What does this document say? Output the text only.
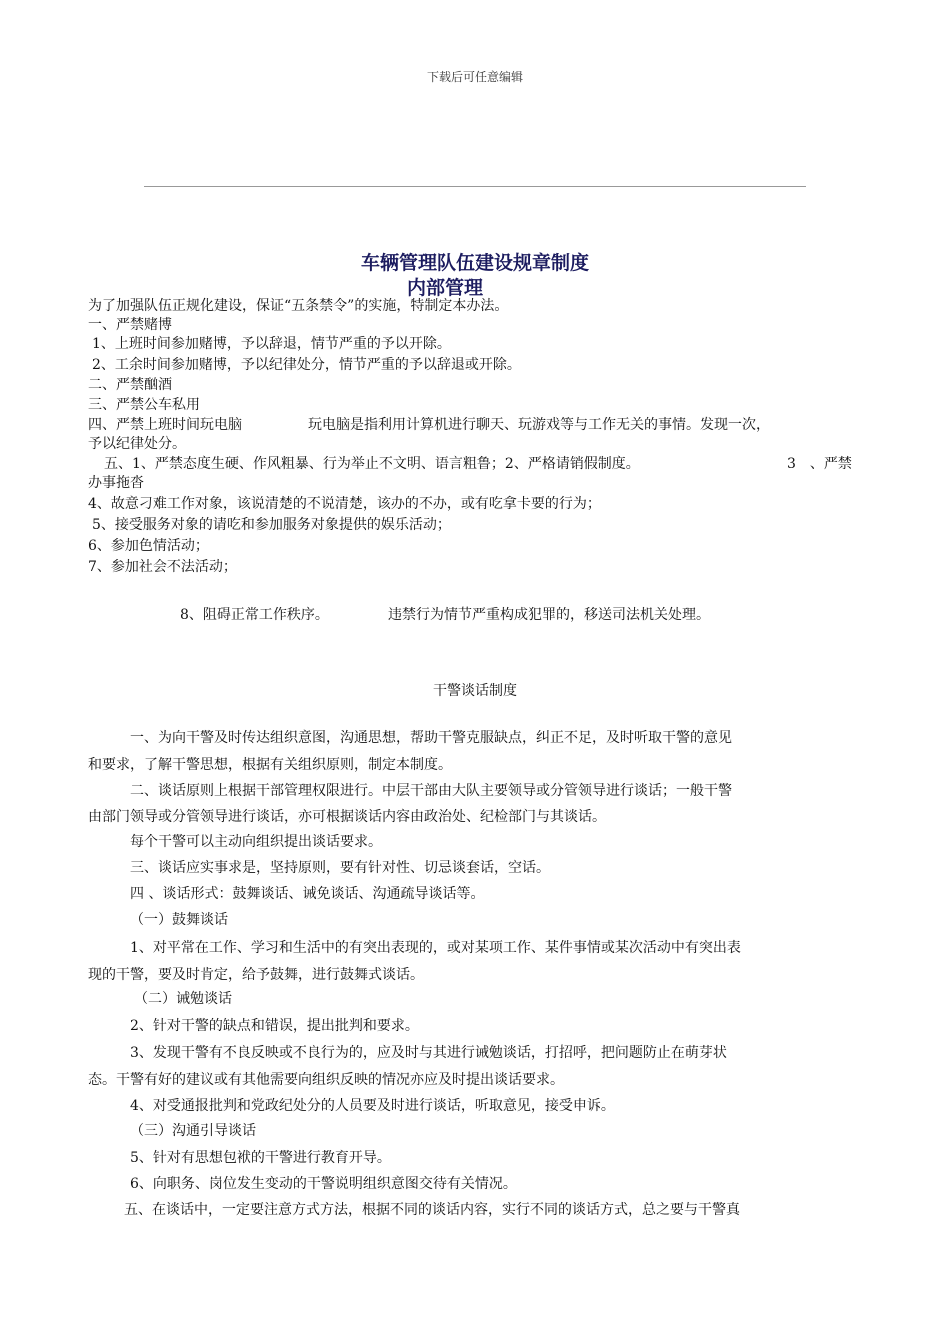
下载后可任意编辑
车辆管理队伍建设规章制度
内部管理
为了加强队伍正规化建设，保证“五条禁令”的实施，特制定本办法。
一、严禁赌博
1、上班时间参加赌博，予以辞退，情节严重的予以开除。
2、工余时间参加赌博，予以纪律处分，情节严重的予以辞退或开除。
二、严禁酗酒
三、严禁公车私用
四、严禁上班时间玩电脑	玩电脑是指利用计算机进行聊天、玩游戏等与工作无关的事情。发现一次，
予以纪律处分。
五、1、严禁态度生硬、作风粗暴、行为举止不文明、语言粗鲁；2、严格请销假制度。	3　、严禁
办事拖沓
4、故意刁难工作对象，该说清楚的不说清楚，该办的不办，或有吃拿卡要的行为；
5、接受服务对象的请吃和参加服务对象提供的娱乐活动；
6、参加色情活动；
7、参加社会不法活动；
8、阻碍正常工作秩序。	违禁行为情节严重构成犯罪的，移送司法机关处理。
干警谈话制度
一、为向干警及时传达组织意图，沟通思想，帮助干警克服缺点，纠正不足，及时听取干警的意见
和要求，了解干警思想，根据有关组织原则，制定本制度。
二、谈话原则上根据干部管理权限进行。中层干部由大队主要领导或分管领导进行谈话；一般干警
由部门领导或分管领导进行谈话，亦可根据谈话内容由政治处、纪检部门与其谈话。
每个干警可以主动向组织提出谈话要求。
三、谈话应实事求是，坚持原则，要有针对性、切忌谈套话，空话。
四 、谈话形式：鼓舞谈话、诫免谈话、沟通疏导谈话等。
（一）鼓舞谈话
1、对平常在工作、学习和生活中的有突出表现的，或对某项工作、某件事情或某次活动中有突出表
现的干警，要及时肯定，给予鼓舞，进行鼓舞式谈话。
（二）诫勉谈话
2、针对干警的缺点和错误，提出批判和要求。
3、发现干警有不良反映或不良行为的，应及时与其进行诫勉谈话，打招呼，把问题防止在萌芽状
态。干警有好的建议或有其他需要向组织反映的情况亦应及时提出谈话要求。
4、对受通报批判和党政纪处分的人员要及时进行谈话，听取意见，接受申诉。
（三）沟通引导谈话
5、针对有思想包袱的干警进行教育开导。
6、向职务、岗位发生变动的干警说明组织意图交待有关情况。
五、在谈话中，一定要注意方式方法，根据不同的谈话内容，实行不同的谈话方式，总之要与干警真
